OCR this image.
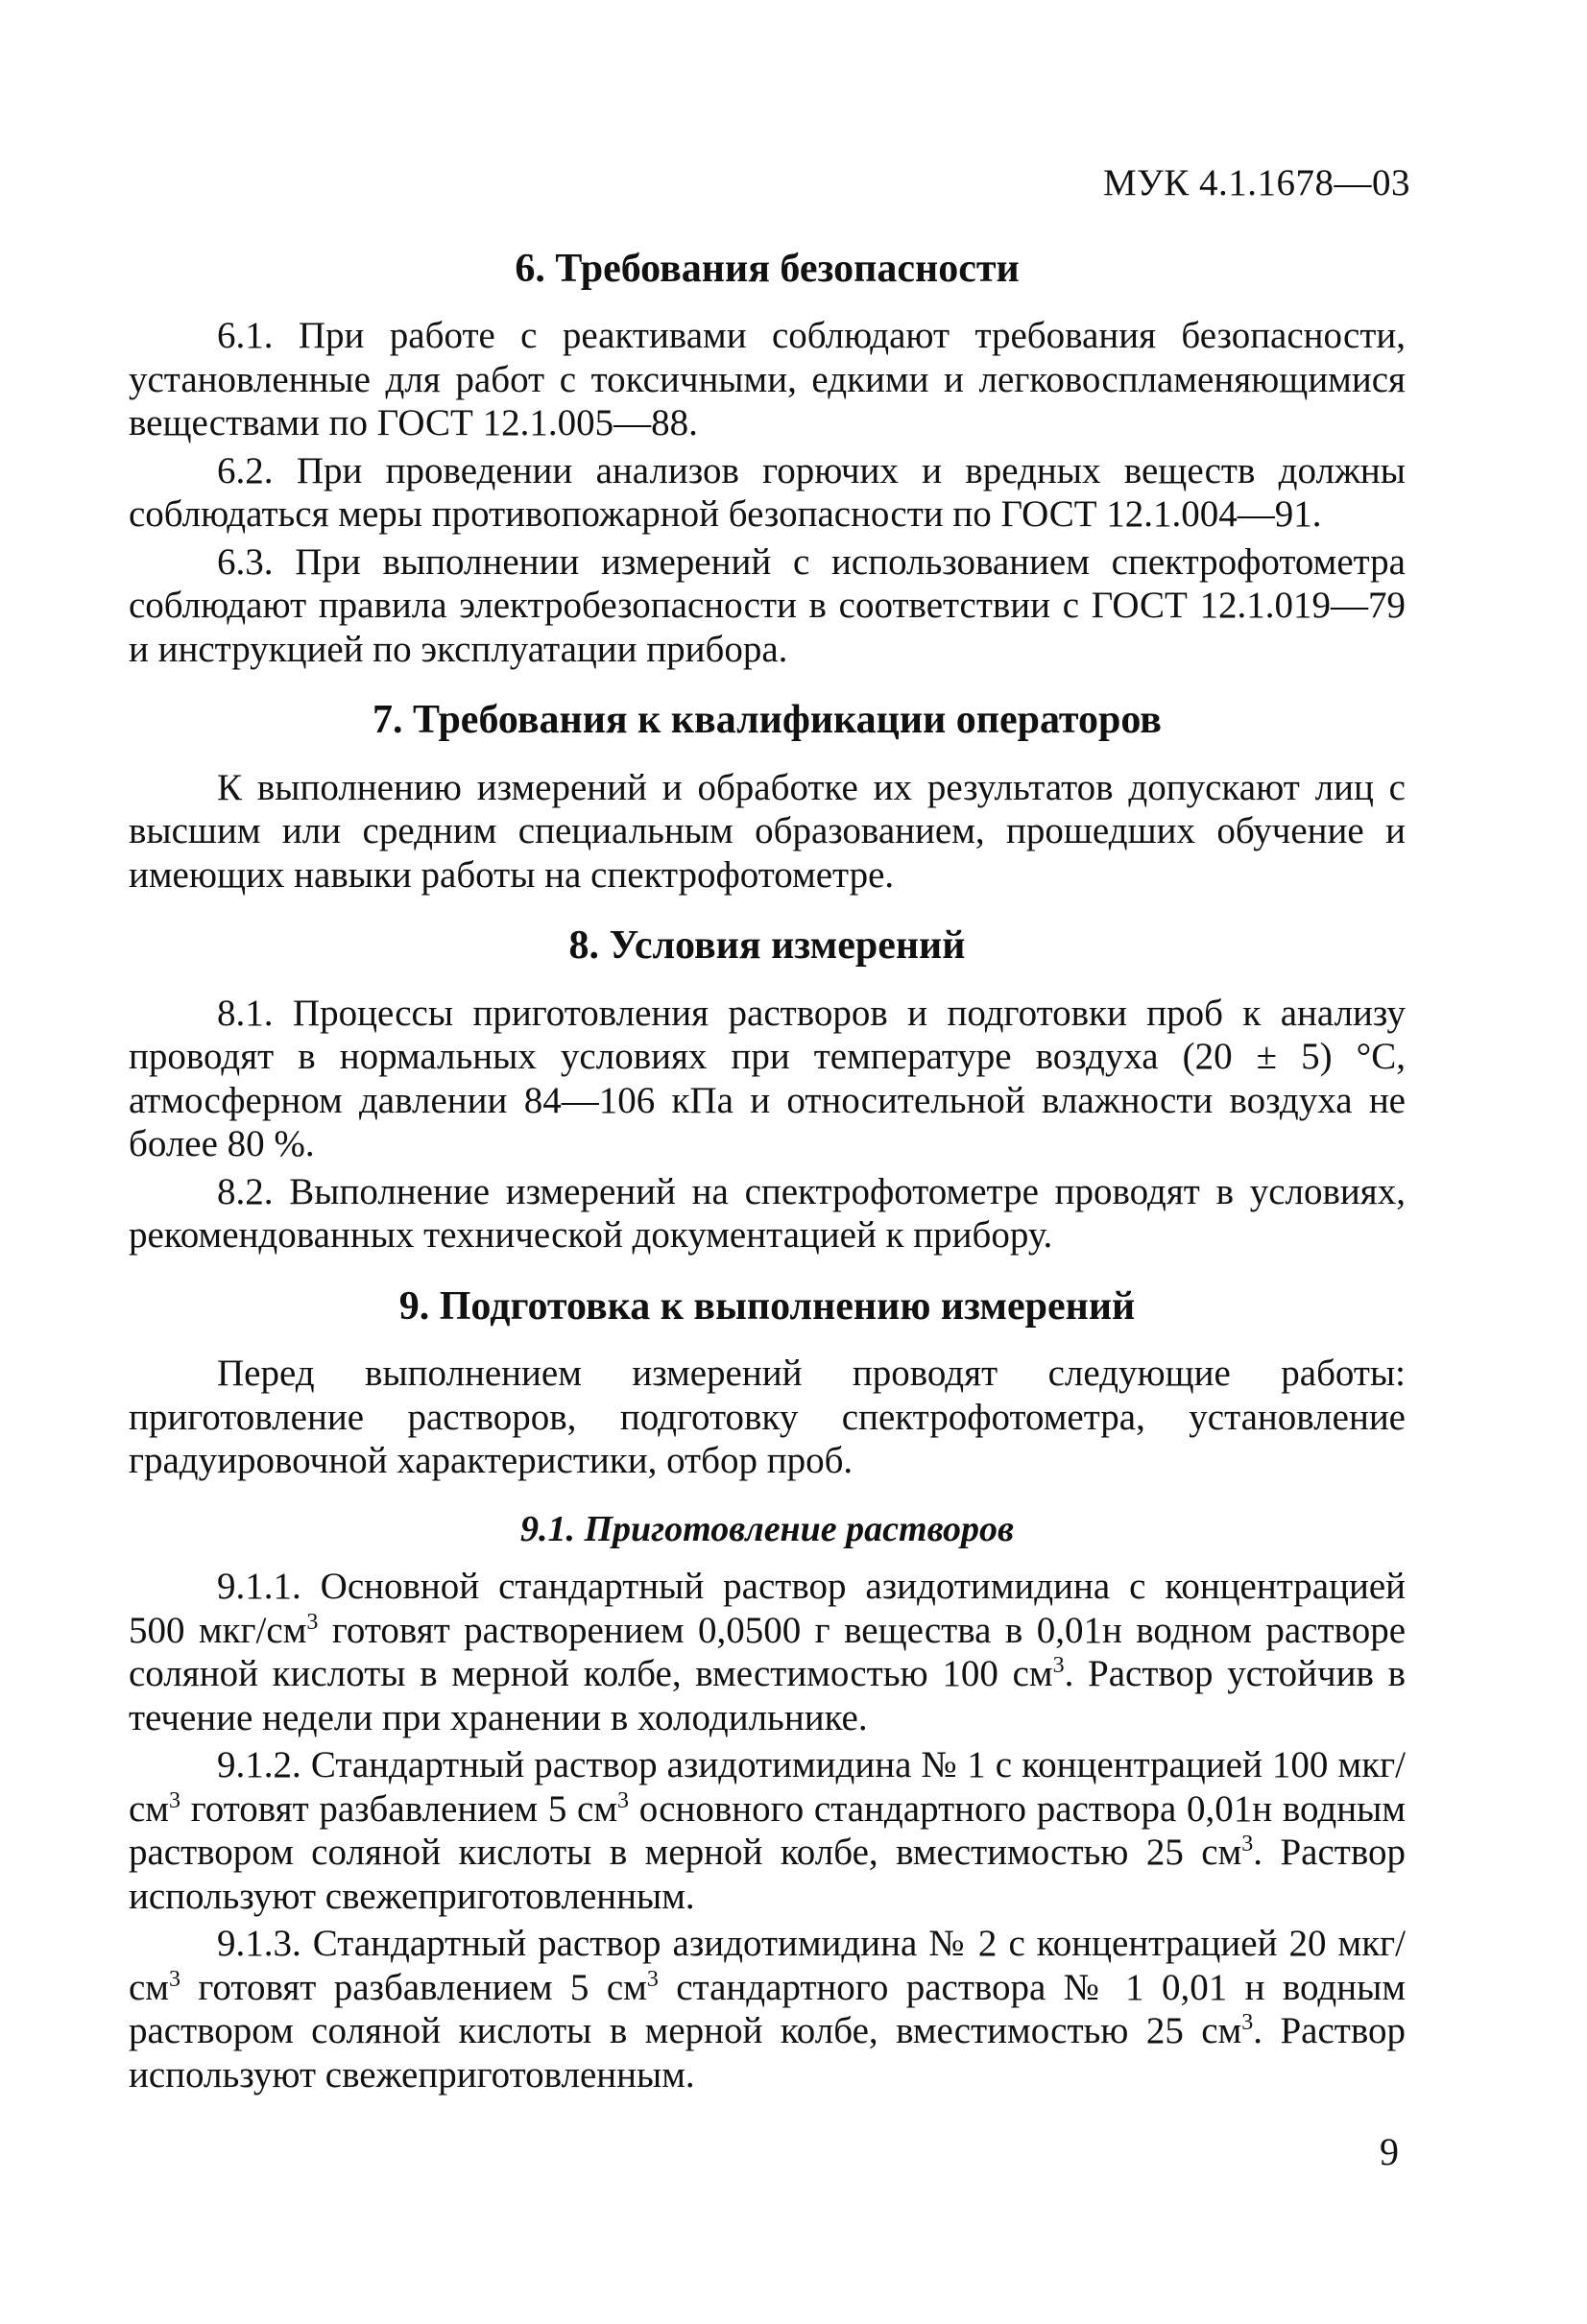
МУК 4.1.1678—03
6. Требования безопасности

6.1. При работе с реактивами соблюдают требования безопасности, установленные для работ с токсичными, едкими и легковоспламеняющимися веществами по ГОСТ 12.1.005—88.

6.2. При проведении анализов горючих и вредных веществ должны соблюдаться меры противопожарной безопасности по ГОСТ 12.1.004—91.

6.3. При выполнении измерений с использованием спектрофотометра соблюдают правила электробезопасности в соответствии с ГОСТ 12.1.019—79 и инструкцией по эксплуатации прибора.

7. Требования к квалификации операторов

К выполнению измерений и обработке их результатов допускают лиц с высшим или средним специальным образованием, прошедших обучение и имеющих навыки работы на спектрофотометре.

8. Условия измерений

8.1. Процессы приготовления растворов и подготовки проб к анализу проводят в нормальных условиях при температуре воздуха (20 ± 5) °С, атмосферном давлении 84—106 кПа и относительной влажности воздуха не более 80 %.

8.2. Выполнение измерений на спектрофотометре проводят в условиях, рекомендованных технической документацией к прибору.

9. Подготовка к выполнению измерений

Перед выполнением измерений проводят следующие работы: приготовление растворов, подготовку спектрофотометра, установление градуировочной характеристики, отбор проб.

9.1. Приготовление растворов

9.1.1. Основной стандартный раствор азидотимидина с концентрацией 500 мкг/$см^3$ готовят растворением 0,0500 г вещества в 0,01н водном растворе соляной кислоты в мерной колбе, вместимостью 100 $см^3$. Раствор устойчив в течение недели при хранении в холодильнике.

9.1.2. Стандартный раствор азидотимидина № 1 с концентрацией 100 мкг/$см^3$ готовят разбавлением 5 $см^3$ основного стандартного раствора 0,01н водным раствором соляной кислоты в мерной колбе, вместимостью 25 $см^3$. Раствор используют свежеприготовленным.

9.1.3. Стандартный раствор азидотимидина № 2 с концентрацией 20 мкг/$см^3$ готовят разбавлением 5 $см^3$ стандартного раствора № 1 0,01 н водным раствором соляной кислоты в мерной колбе, вместимостью 25 $см^3$. Раствор используют свежеприготовленным.

9
